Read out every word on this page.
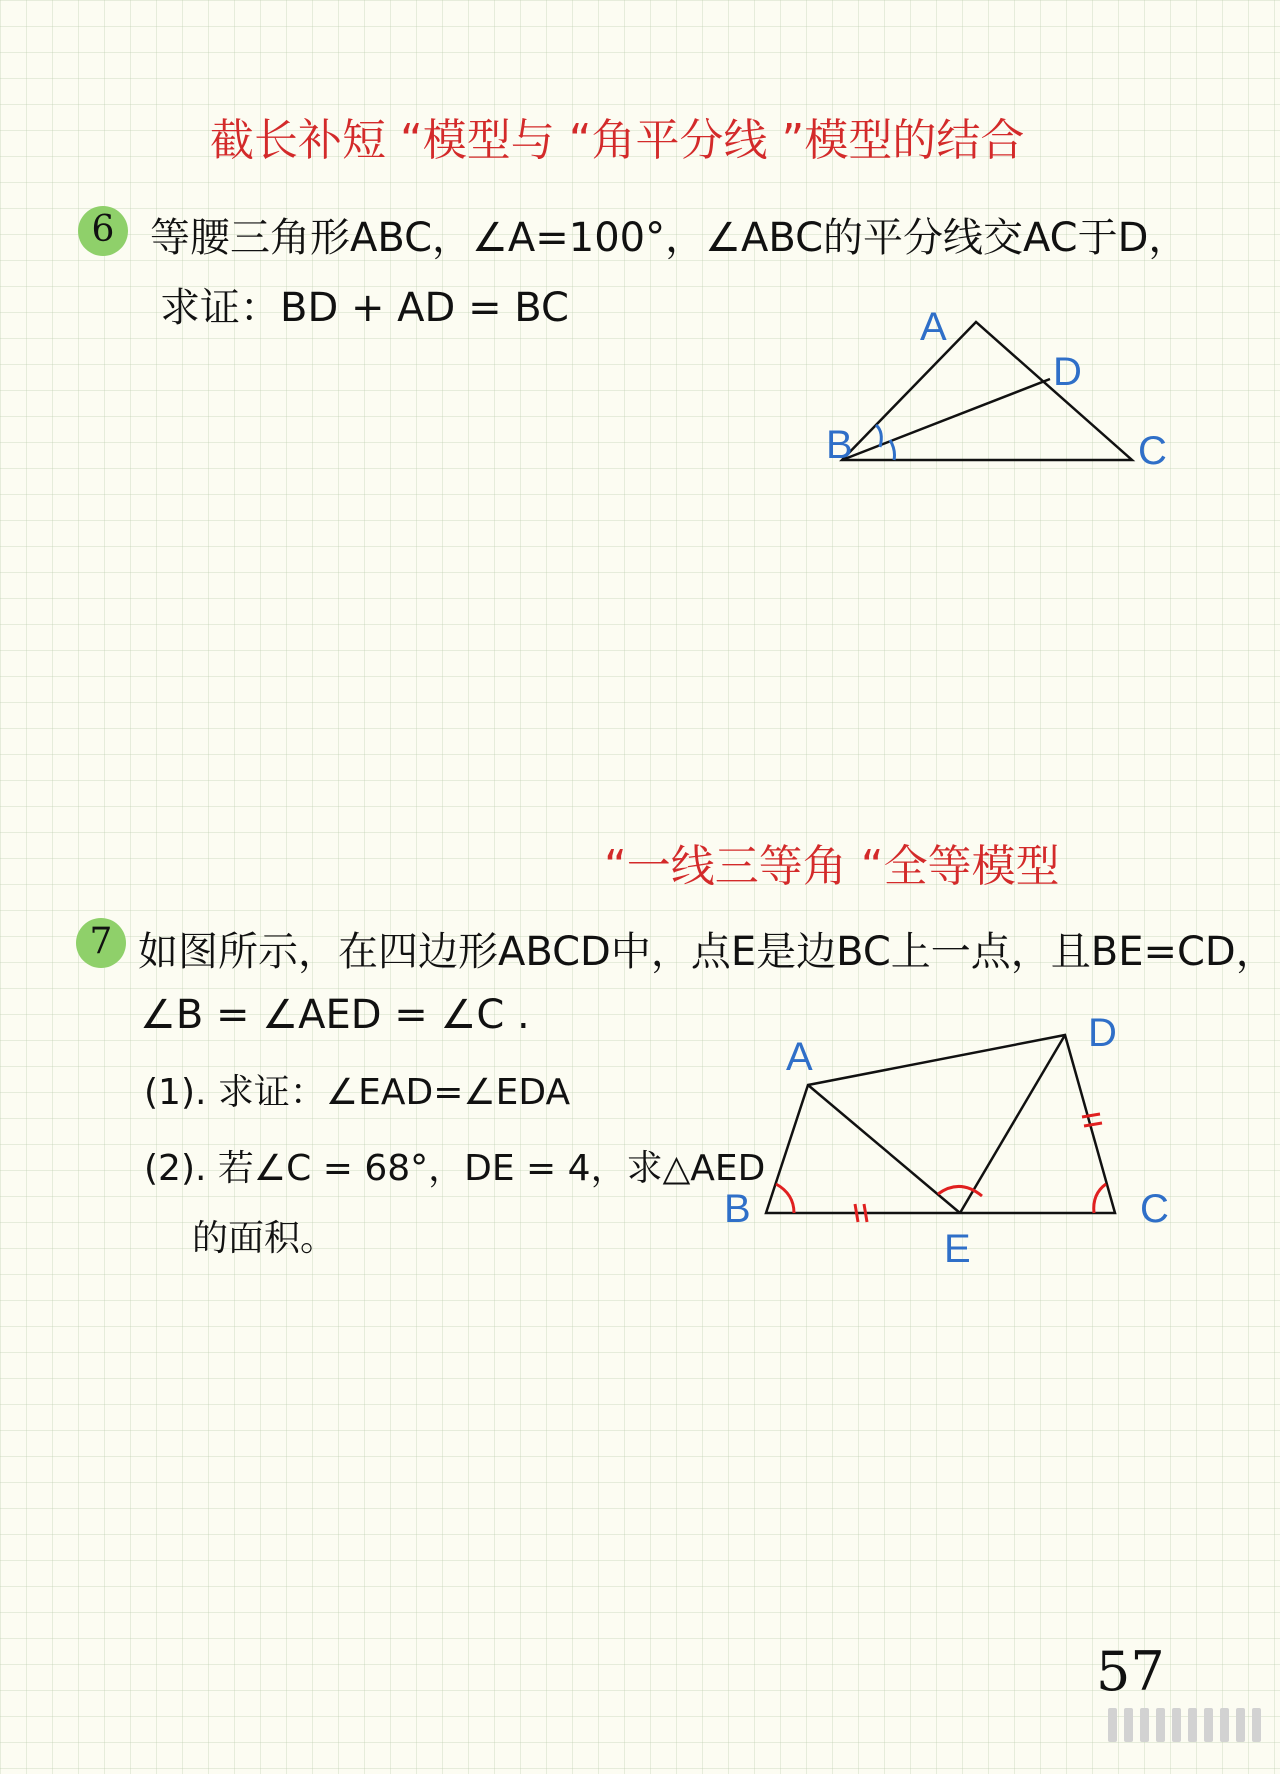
截长补短 “模型与 “角平分线 ”模型的结合
6 等腰三角形ABC，∠A=100°，∠ABC的平分线交AC于D，
求证：BD + AD = BC	A
D
B	C
“一线三等角 “全等模型
7 如图所示，在四边形ABCD中，点E是边BC上一点，且BE=CD，
∠B = ∠AED = ∠C .
(1). 求证：∠EAD=∠EDA
(2). 若∠C = 68°，DE = 4，求△AED
的面积。
A
D
B	C
E
57
